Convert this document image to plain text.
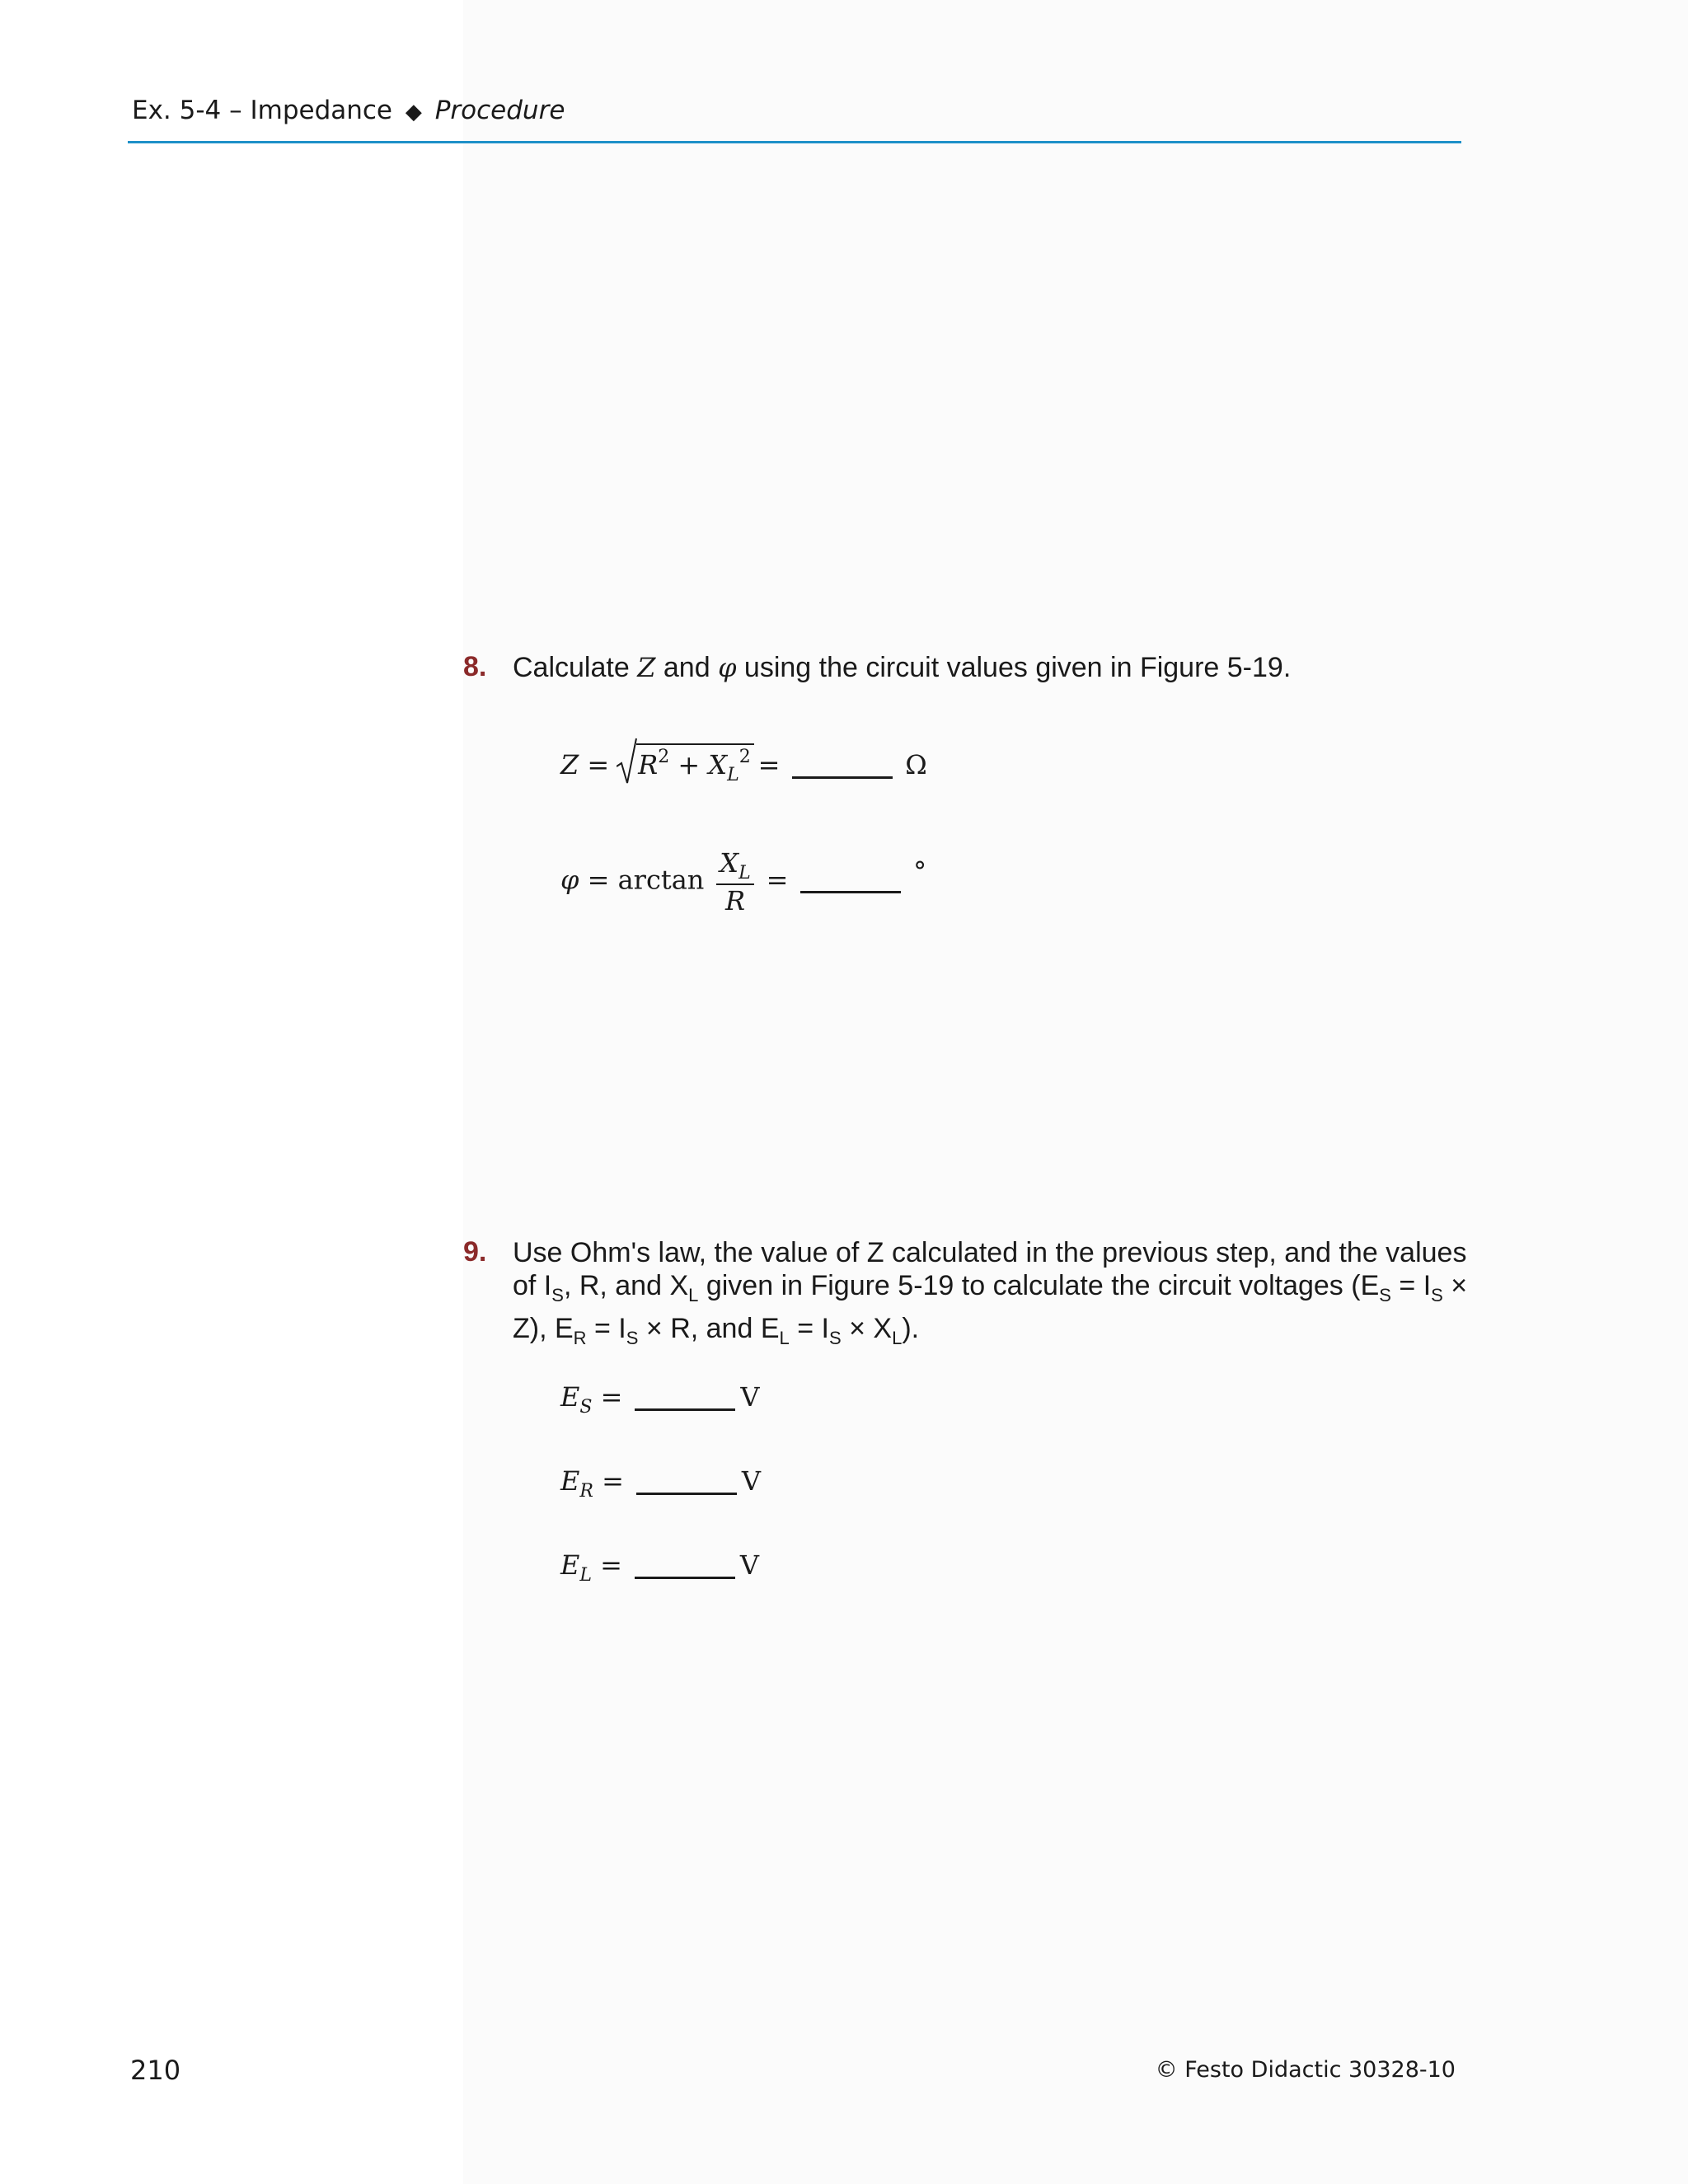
Ex. 5-4 – Impedance ◆ Procedure
8. Calculate Z and φ using the circuit values given in Figure 5-19.
$Z = R^2 + X_L^2$ =	Ω
$\varphi = \arctan \frac{X_L}{R}$ =	°
9. Use Ohm's law, the value of Z calculated in the previous step, and the values
of $I_S$, R, and $X_L$ given in Figure 5-19 to calculate the circuit voltages ($E_S = I_S$ ×
Z), $E_R = I_S \times R$, and $E_L = I_S \times X_L$).
$E_S$ =	V
$E_R$ =	V
$E_L$ =	V
210	© Festo Didactic 30328-10
